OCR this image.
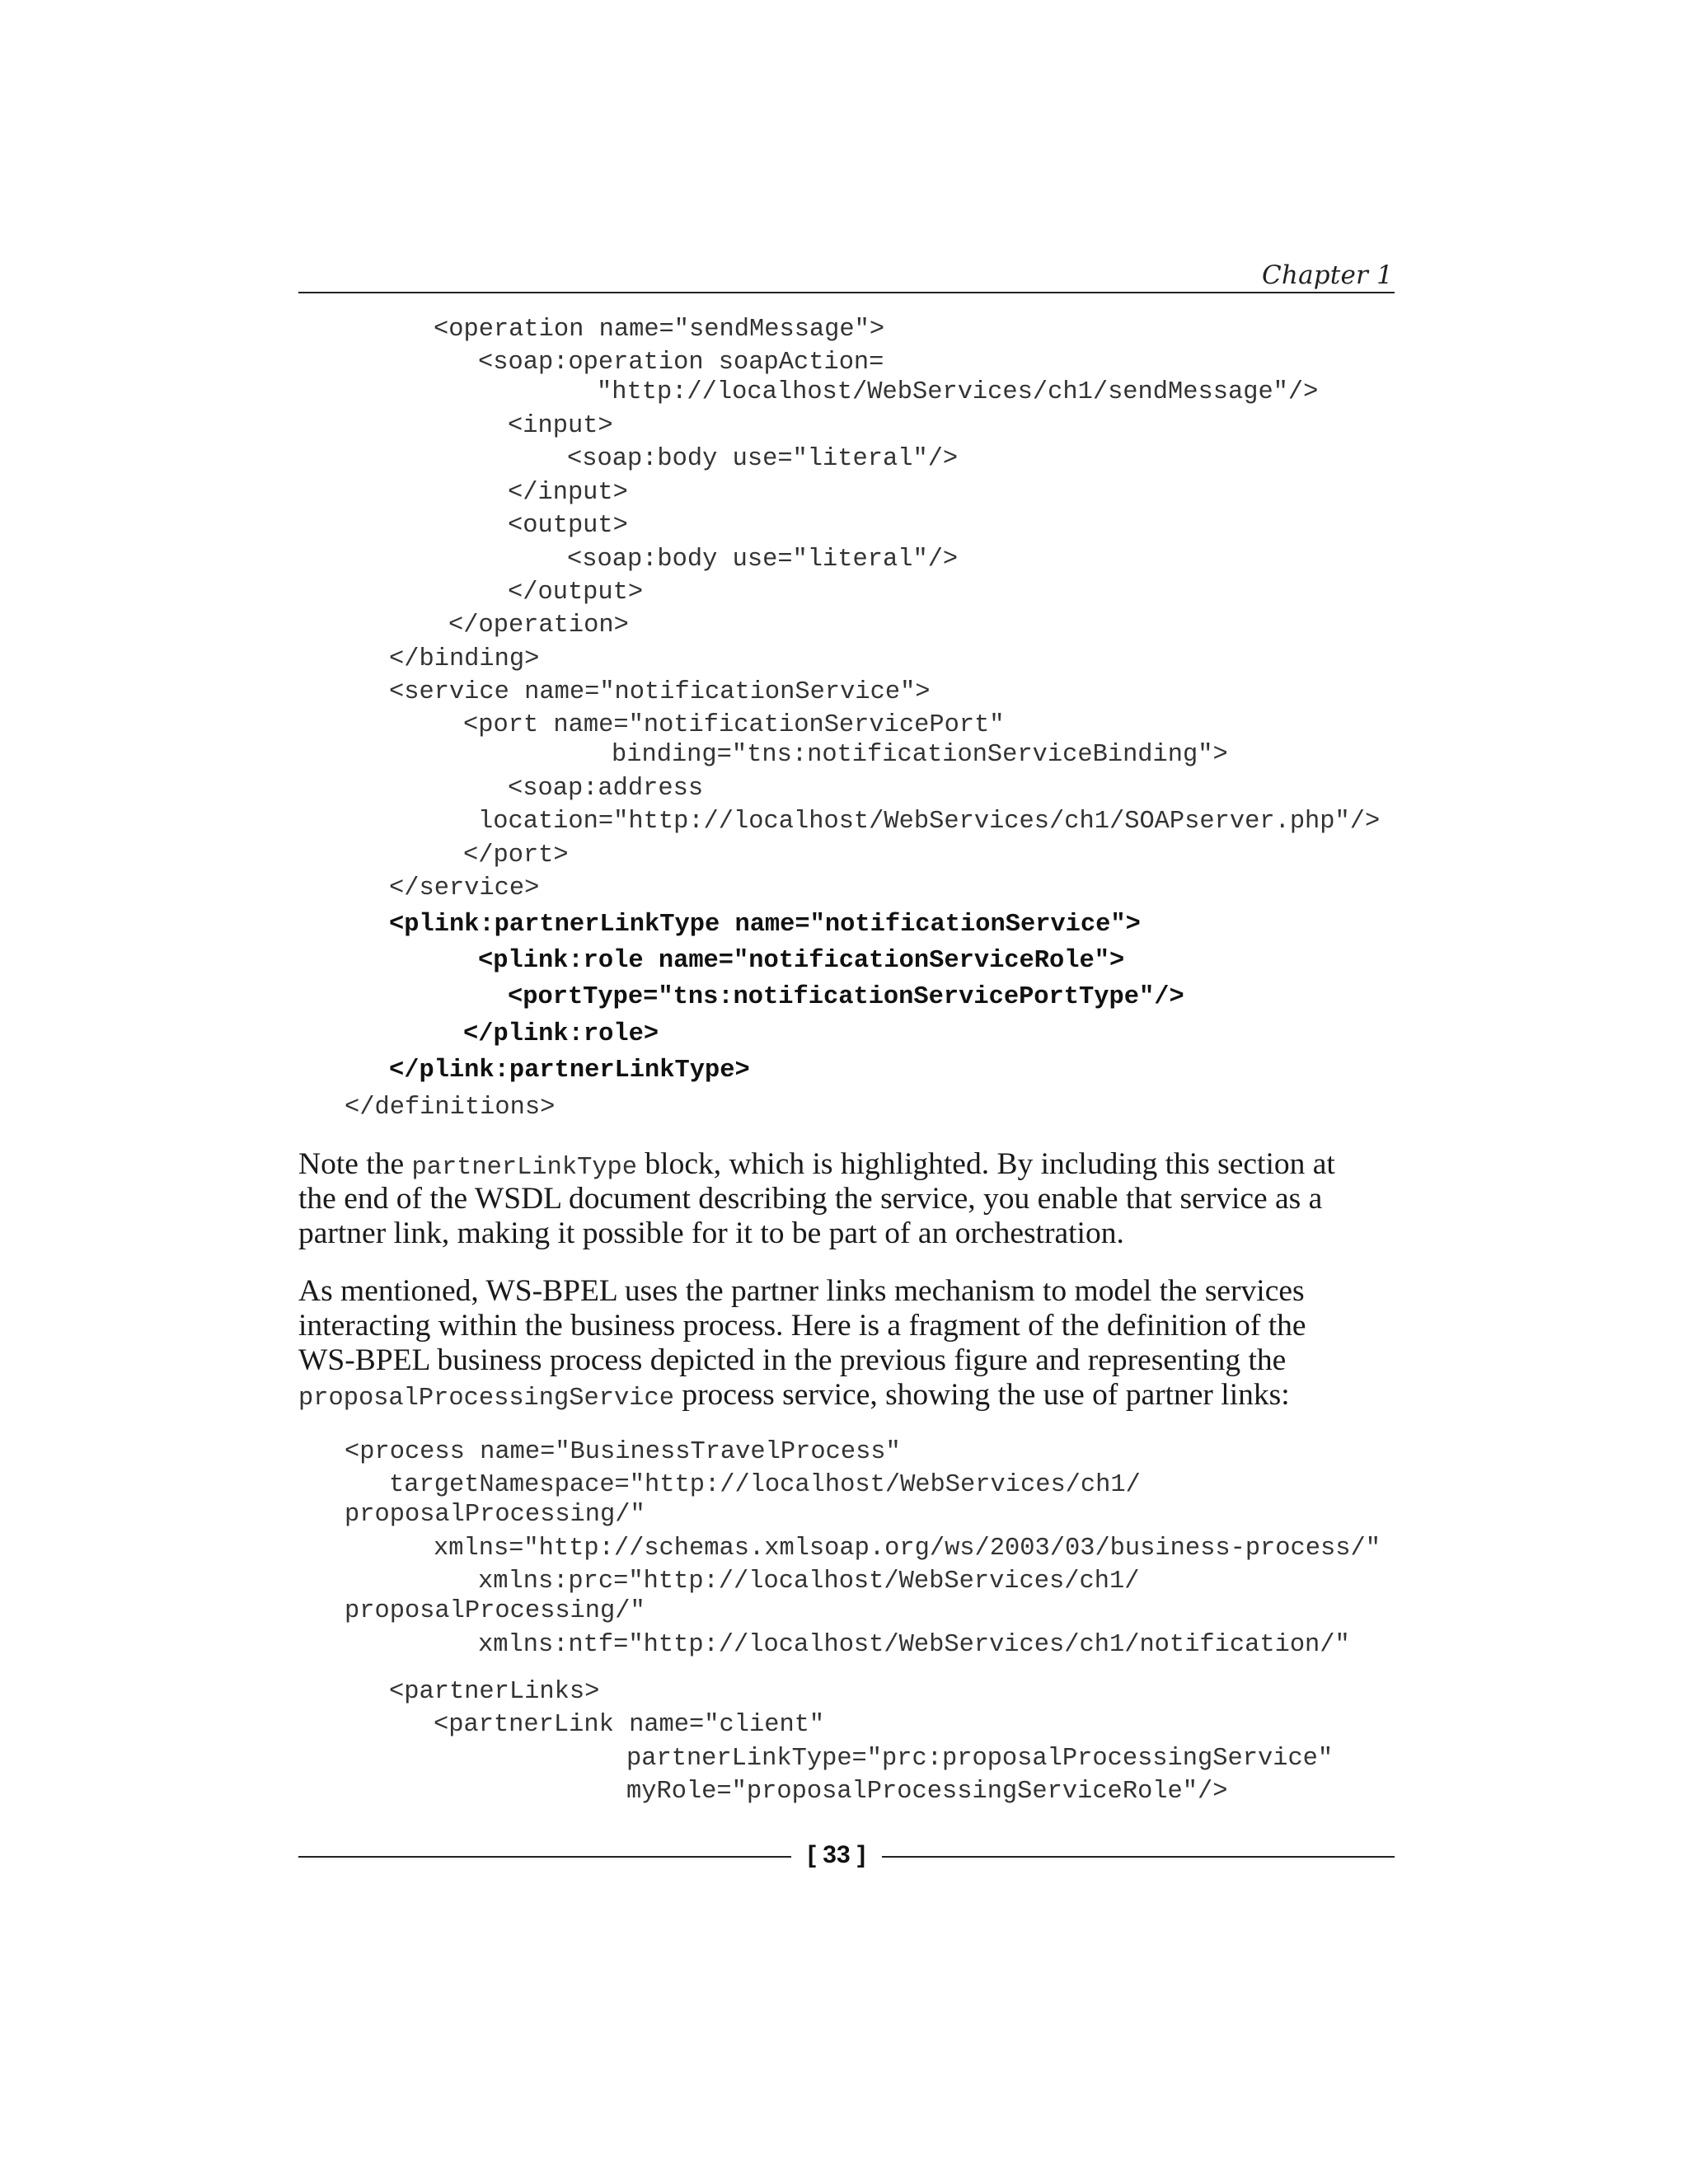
Chapter 1
<operation name="sendMessage">
<soap:operation soapAction=
"http://localhost/WebServices/ch1/sendMessage"/>
<input>
<soap:body use="literal"/>
</input>
<output>
<soap:body use="literal"/>
</output>
</operation>
</binding>
<service name="notificationService">
<port name="notificationServicePort"
binding="tns:notificationServiceBinding">
<soap:address
location="http://localhost/WebServices/ch1/SOAPserver.php"/>
</port>
</service>
<plink:partnerLinkType name="notificationService">
<plink:role name="notificationServiceRole">
<portType="tns:notificationServicePortType"/>
</plink:role>
</plink:partnerLinkType>
</definitions>
Note the partnerLinkType block, which is highlighted. By including this section at
the end of the WSDL document describing the service, you enable that service as a
partner link, making it possible for it to be part of an orchestration.
As mentioned, WS-BPEL uses the partner links mechanism to model the services
interacting within the business process. Here is a fragment of the definition of the
WS-BPEL business process depicted in the previous figure and representing the
proposalProcessingService process service, showing the use of partner links:
<process name="BusinessTravelProcess"
targetNamespace="http://localhost/WebServices/ch1/
proposalProcessing/"
xmlns="http://schemas.xmlsoap.org/ws/2003/03/business-process/"
xmlns:prc="http://localhost/WebServices/ch1/
proposalProcessing/"
xmlns:ntf="http://localhost/WebServices/ch1/notification/"
<partnerLinks>
<partnerLink name="client"
partnerLinkType="prc:proposalProcessingService"
myRole="proposalProcessingServiceRole"/>
[ 33 ]
